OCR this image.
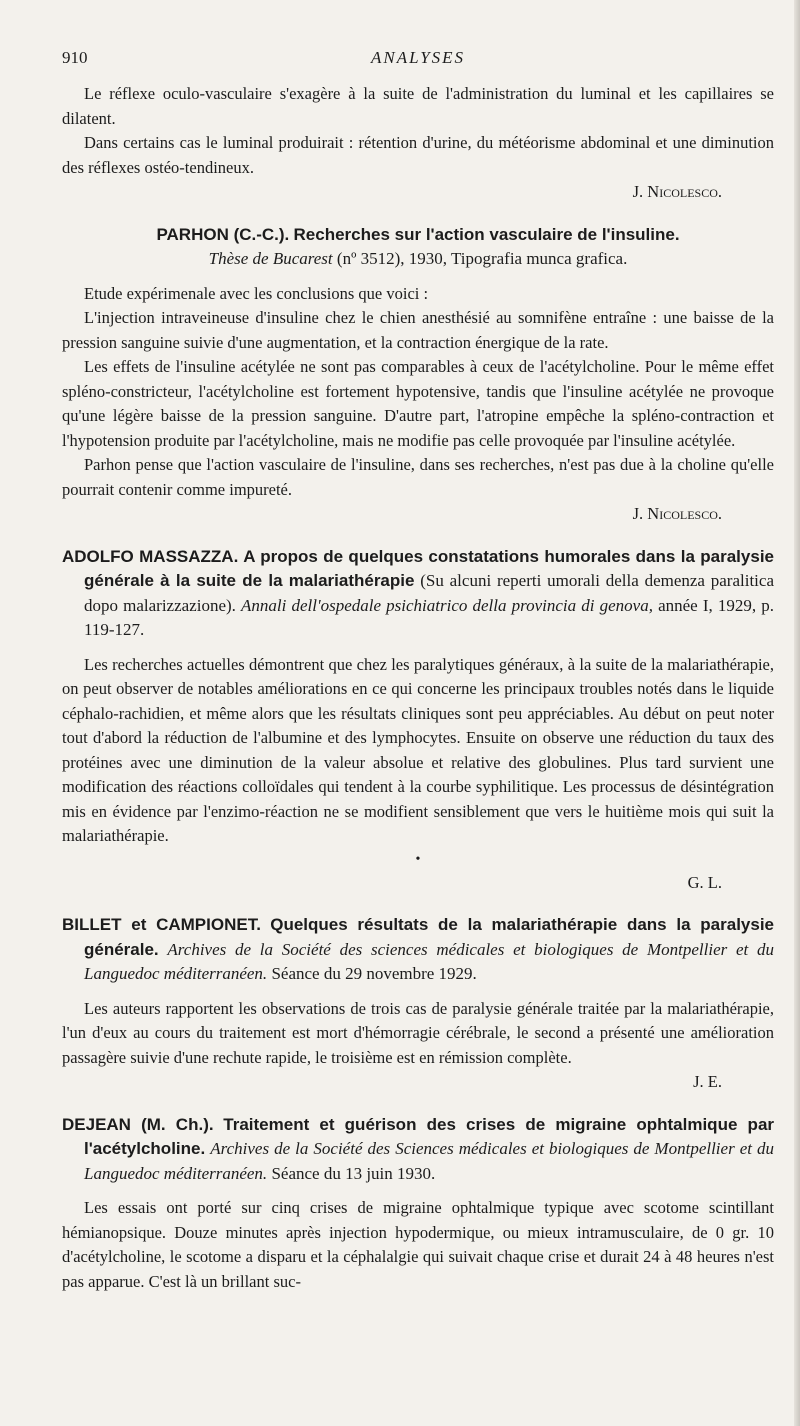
910	ANALYSES

Le réflexe oculo-vasculaire s'exagère à la suite de l'administration du luminal et les capillaires se dilatent.

Dans certains cas le luminal produirait : rétention d'urine, du météorisme abdominal et une diminution des réflexes ostéo-tendineux.

J. Nicolesco.
PARHON (C.-C.). Recherches sur l'action vasculaire de l'insuline.
Thèse de Bucarest (nº 3512), 1930, Tipografia munca grafica.

Etude expérimenale avec les conclusions que voici :

L'injection intraveineuse d'insuline chez le chien anesthésié au somnifène entraîne : une baisse de la pression sanguine suivie d'une augmentation, et la contraction énergique de la rate.

Les effets de l'insuline acétylée ne sont pas comparables à ceux de l'acétylcholine. Pour le même effet spléno-constricteur, l'acétylcholine est fortement hypotensive, tandis que l'insuline acétylée ne provoque qu'une légère baisse de la pression sanguine. D'autre part, l'atropine empêche la spléno-contraction et l'hypotension produite par l'acétylcholine, mais ne modifie pas celle provoquée par l'insuline acétylée.

Parhon pense que l'action vasculaire de l'insuline, dans ses recherches, n'est pas due à la choline qu'elle pourrait contenir comme impureté.

J. Nicolesco.
ADOLFO MASSAZZA. A propos de quelques constatations humorales dans la paralysie générale à la suite de la malariathérapie (Su alcuni reperti umorali della demenza paralitica dopo malarizzazione). Annali dell'ospedale psichiatrico della provincia di genova, année I, 1929, p. 119-127.

Les recherches actuelles démontrent que chez les paralytiques généraux, à la suite de la malariathérapie, on peut observer de notables améliorations en ce qui concerne les principaux troubles notés dans le liquide céphalo-rachidien, et même alors que les résultats cliniques sont peu appréciables. Au début on peut noter tout d'abord la réduction de l'albumine et des lymphocytes. Ensuite on observe une réduction du taux des protéines avec une diminution de la valeur absolue et relative des globulines. Plus tard survient une modification des réactions colloïdales qui tendent à la courbe syphilitique. Les processus de désintégration mis en évidence par l'enzimo-réaction ne se modifient sensiblement que vers le huitième mois qui suit la malariathérapie.

•
G. L.
BILLET et CAMPIONET. Quelques résultats de la malariathérapie dans la paralysie générale. Archives de la Société des sciences médicales et biologiques de Montpellier et du Languedoc méditerranéen. Séance du 29 novembre 1929.

Les auteurs rapportent les observations de trois cas de paralysie générale traitée par la malariathérapie, l'un d'eux au cours du traitement est mort d'hémorragie cérébrale, le second a présenté une amélioration passagère suivie d'une rechute rapide, le troisième est en rémission complète.

J. E.
DEJEAN (M. Ch.). Traitement et guérison des crises de migraine ophtalmique par l'acétylcholine. Archives de la Société des Sciences médicales et biologiques de Montpellier et du Languedoc méditerranéen. Séance du 13 juin 1930.

Les essais ont porté sur cinq crises de migraine ophtalmique typique avec scotome scintillant hémianopsique. Douze minutes après injection hypodermique, ou mieux intramusculaire, de 0 gr. 10 d'acétylcholine, le scotome a disparu et la céphalalgie qui suivait chaque crise et durait 24 à 48 heures n'est pas apparue. C'est là un brillant suc-
